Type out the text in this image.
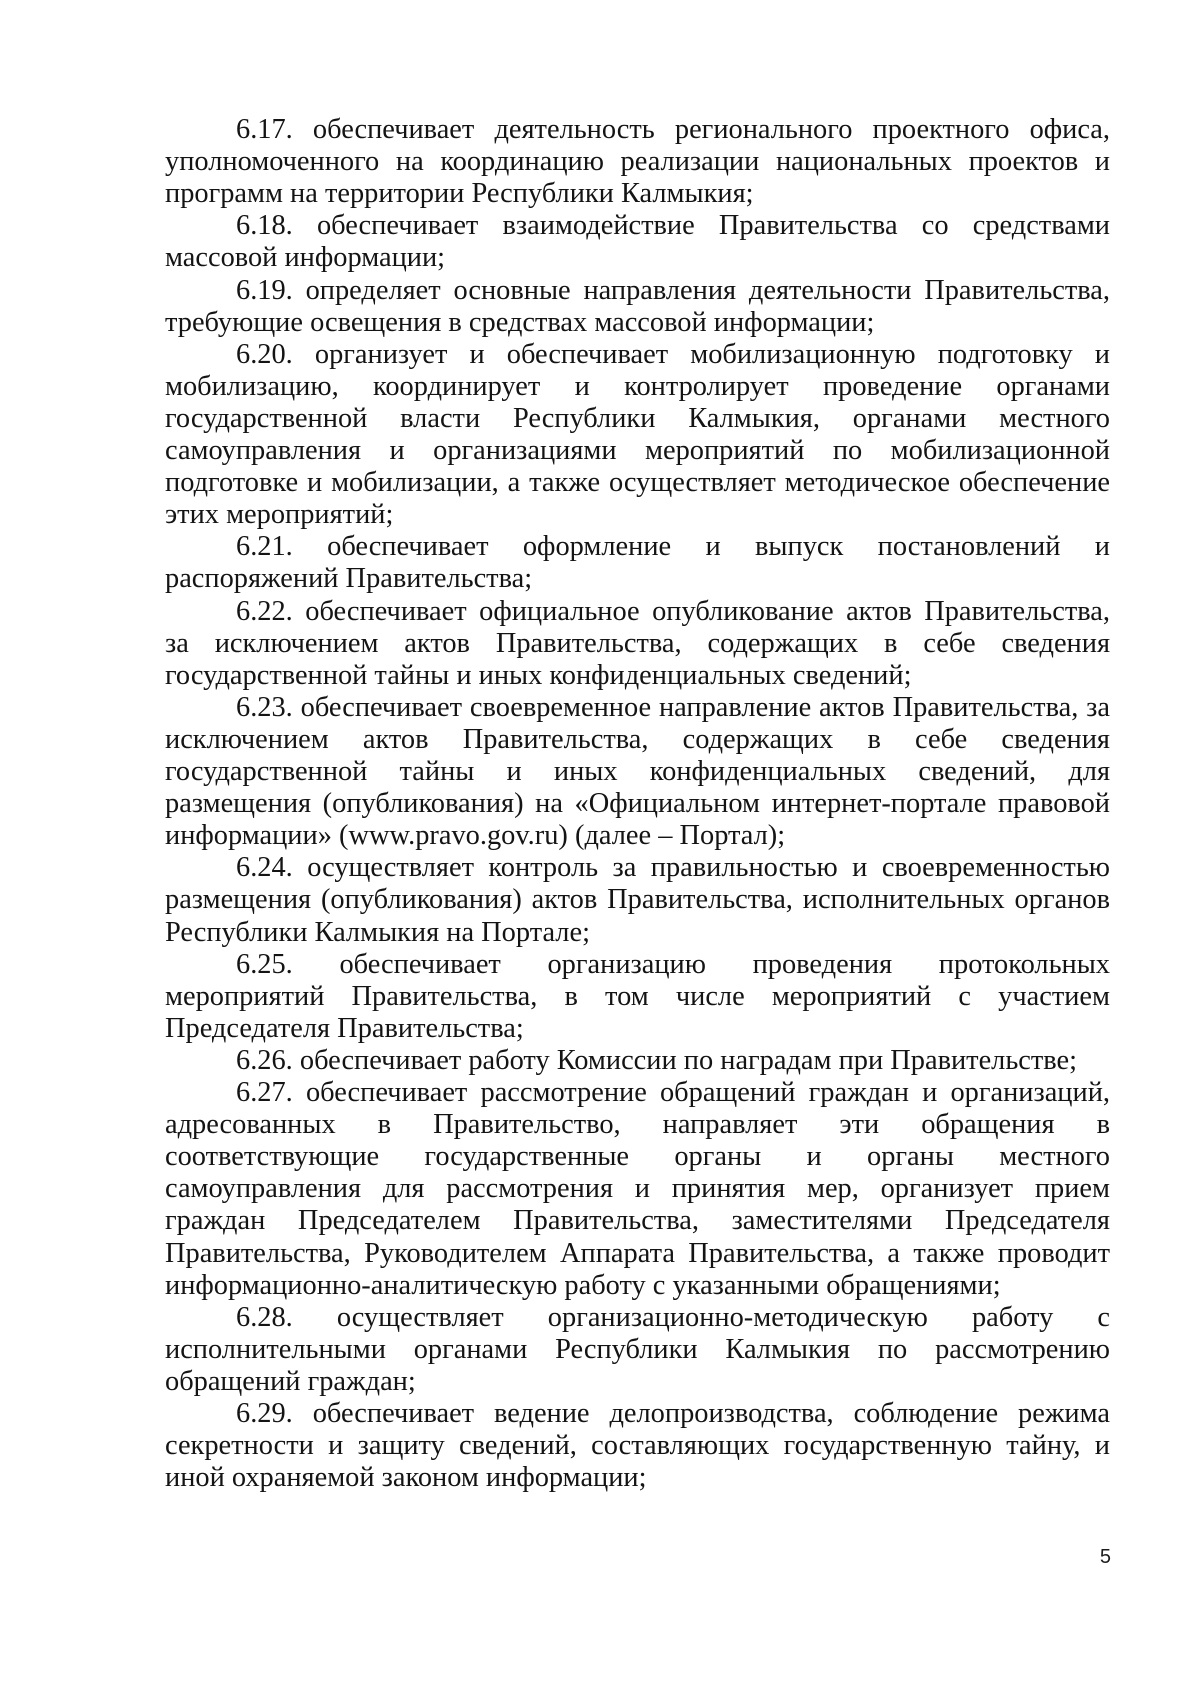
6.17. обеспечивает деятельность регионального проектного офиса,

уполномоченного на координацию реализации национальных проектов и

программ на территории Республики Калмыкия;

6.18. обеспечивает взаимодействие Правительства со средствами

массовой информации;

6.19. определяет основные направления деятельности Правительства,

требующие освещения в средствах массовой информации;

6.20. организует и обеспечивает мобилизационную подготовку и

мобилизацию, координирует и контролирует проведение органами

государственной власти Республики Калмыкия, органами местного

самоуправления и организациями мероприятий по мобилизационной

подготовке и мобилизации, а также осуществляет методическое обеспечение

этих мероприятий;

6.21. обеспечивает оформление и выпуск постановлений и

распоряжений Правительства;

6.22. обеспечивает официальное опубликование актов Правительства,

за исключением актов Правительства, содержащих в себе сведения

государственной тайны и иных конфиденциальных сведений;

6.23. обеспечивает своевременное направление актов Правительства, за

исключением актов Правительства, содержащих в себе сведения

государственной тайны и иных конфиденциальных сведений, для

размещения (опубликования) на «Официальном интернет-портале правовой

информации» (www.pravo.gov.ru) (далее – Портал);

6.24. осуществляет контроль за правильностью и своевременностью

размещения (опубликования) актов Правительства, исполнительных органов

Республики Калмыкия на Портале;

6.25. обеспечивает организацию проведения протокольных

мероприятий Правительства, в том числе мероприятий с участием

Председателя Правительства;

6.26. обеспечивает работу Комиссии по наградам при Правительстве;

6.27. обеспечивает рассмотрение обращений граждан и организаций,

адресованных в Правительство, направляет эти обращения в

соответствующие государственные органы и органы местного

самоуправления для рассмотрения и принятия мер, организует прием

граждан Председателем Правительства, заместителями Председателя

Правительства, Руководителем Аппарата Правительства, а также проводит

информационно-аналитическую работу с указанными обращениями;

6.28. осуществляет организационно-методическую работу с

исполнительными органами Республики Калмыкия по рассмотрению

обращений граждан;

6.29. обеспечивает ведение делопроизводства, соблюдение режима

секретности и защиту сведений, составляющих государственную тайну, и

иной охраняемой законом информации;

5
